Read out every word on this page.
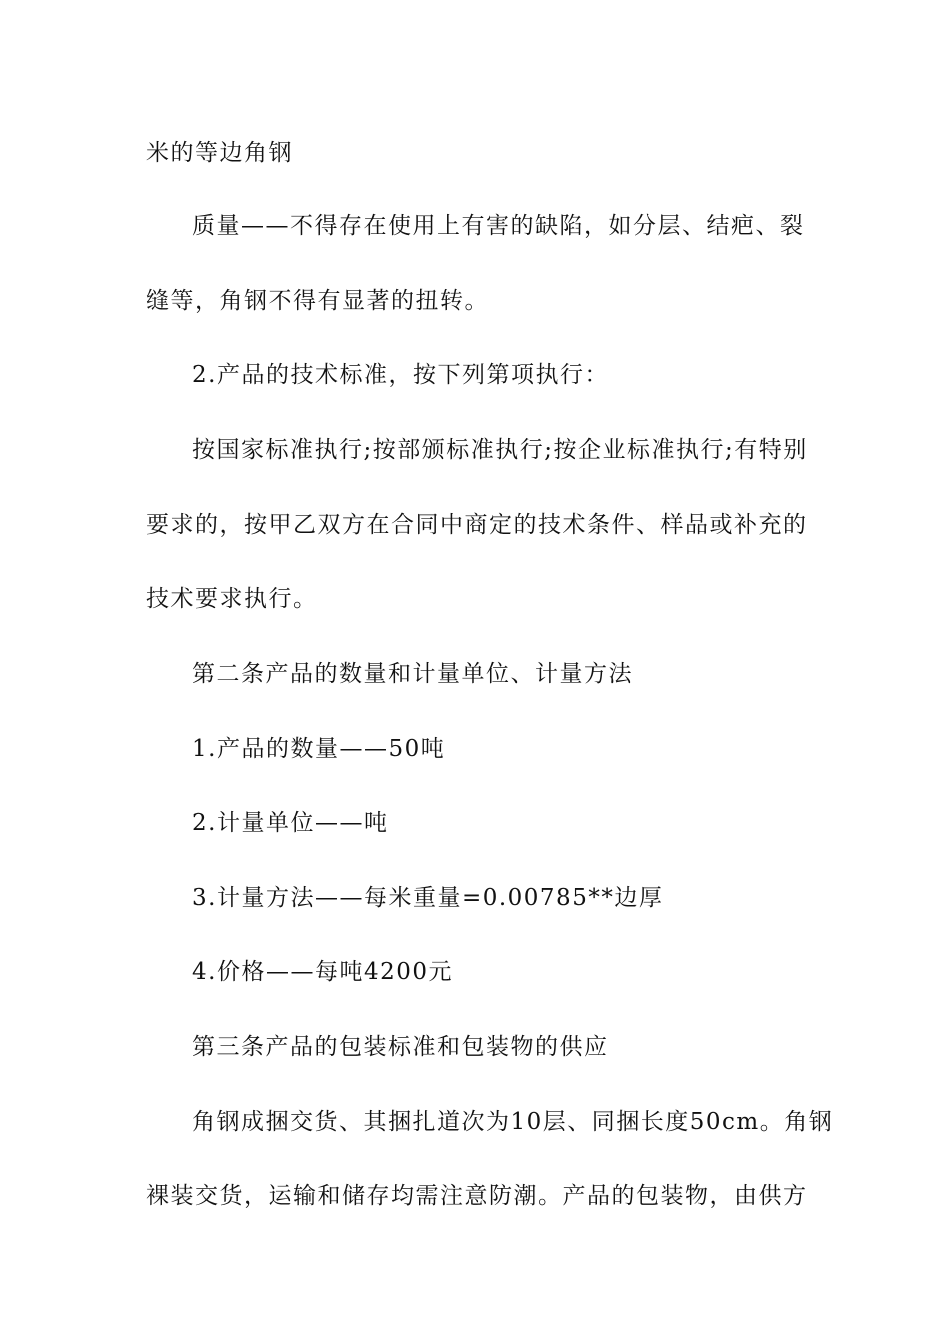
米的等边角钢
质量——不得存在使用上有害的缺陷，如分层、结疤、裂
缝等，角钢不得有显著的扭转。
2.产品的技术标准，按下列第项执行：
按国家标准执行;按部颁标准执行;按企业标准执行;有特别
要求的，按甲乙双方在合同中商定的技术条件、样品或补充的
技术要求执行。
第二条产品的数量和计量单位、计量方法
1.产品的数量——50吨
2.计量单位——吨
3.计量方法——每米重量=0.00785**边厚
4.价格——每吨4200元
第三条产品的包装标准和包装物的供应
角钢成捆交货、其捆扎道次为10层、同捆长度50cm。角钢
裸装交货，运输和储存均需注意防潮。产品的包装物，由供方
